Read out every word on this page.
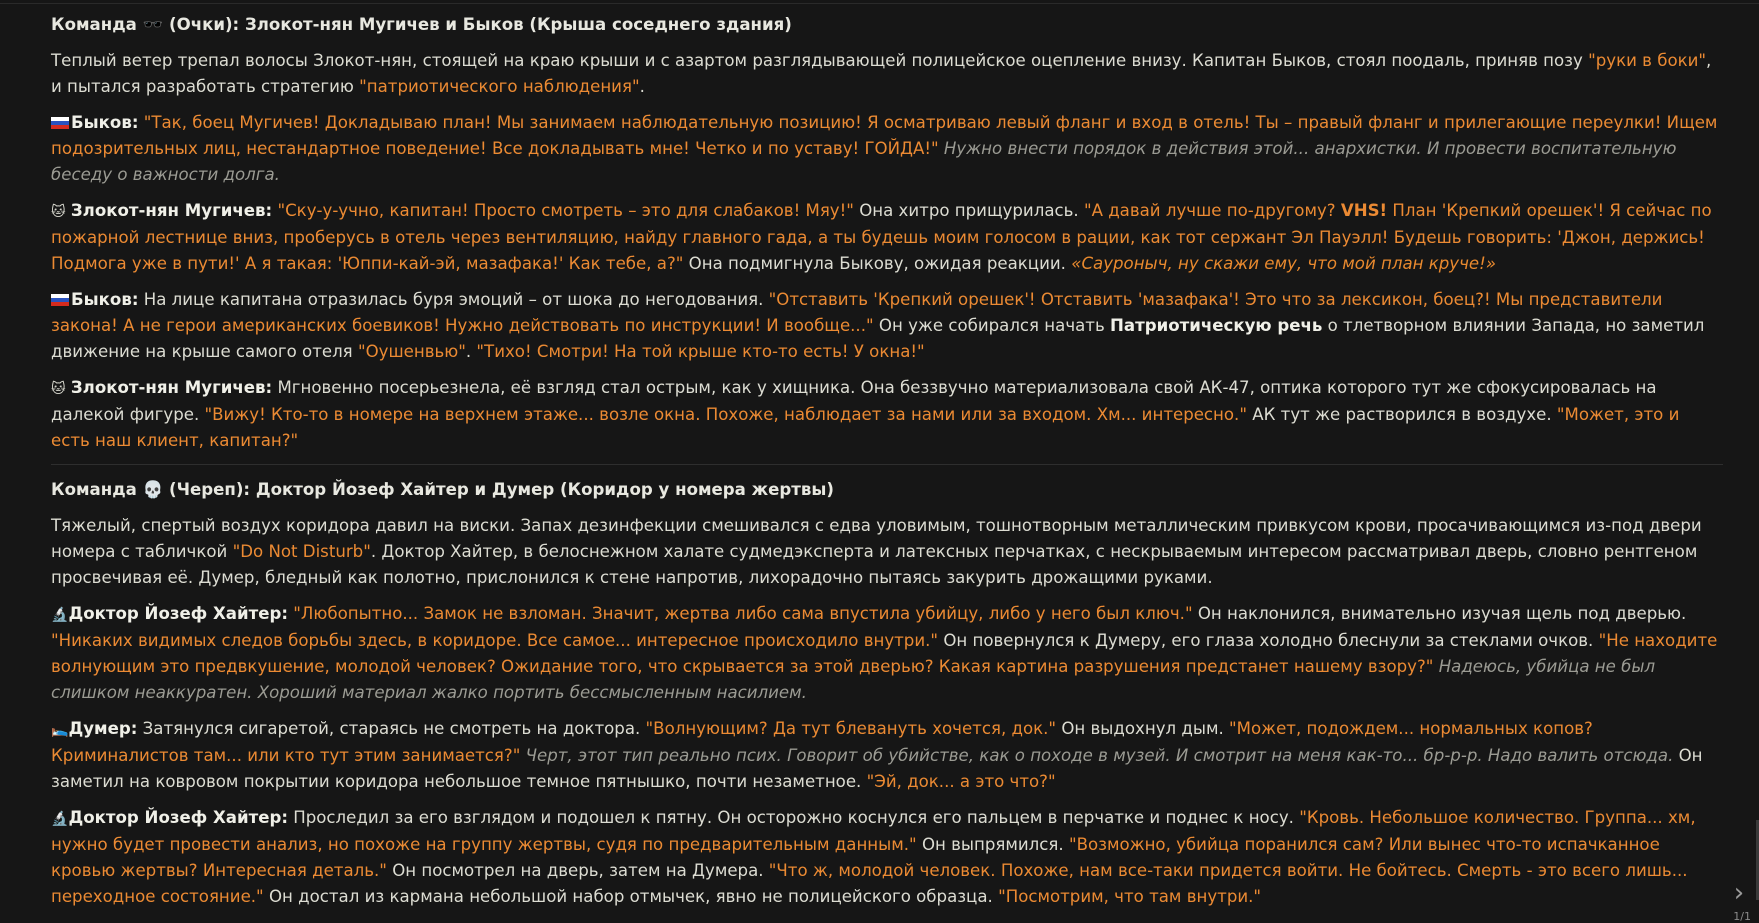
Команда 🕶️ (Очки): Злокот-нян Мугичев и Быков (Крыша соседнего здания)

Теплый ветер трепал волосы Злокот-нян, стоящей на краю крыши и с азартом разглядывающей полицейское оцепление внизу. Капитан Быков, стоял поодаль, приняв позу "руки в боки", и пытался разработать стратегию "патриотического наблюдения".

Быков: "Так, боец Мугичев! Докладываю план! Мы занимаем наблюдательную позицию! Я осматриваю левый фланг и вход в отель! Ты – правый фланг и прилегающие переулки! Ищем подозрительных лиц, нестандартное поведение! Все докладывать мне! Четко и по уставу! ГОЙДА!" Нужно внести порядок в действия этой... анархистки. И провести воспитательную беседу о важности долга.

🐱 Злокот-нян Мугичев: "Ску-у-учно, капитан! Просто смотреть – это для слабаков! Мяу!" Она хитро прищурилась. "А давай лучше по-другому? VHS! План 'Крепкий орешек'! Я сейчас по пожарной лестнице вниз, проберусь в отель через вентиляцию, найду главного гада, а ты будешь моим голосом в рации, как тот сержант Эл Пауэлл! Будешь говорить: 'Джон, держись! Подмога уже в пути!' А я такая: 'Юппи-кай-эй, мазафака!' Как тебе, а?" Она подмигнула Быкову, ожидая реакции. «Сауроныч, ну скажи ему, что мой план круче!»

Быков: На лице капитана отразилась буря эмоций – от шока до негодования. "Отставить 'Крепкий орешек'! Отставить 'мазафака'! Это что за лексикон, боец?! Мы представители закона! А не герои американских боевиков! Нужно действовать по инструкции! И вообще..." Он уже собирался начать Патриотическую речь о тлетворном влиянии Запада, но заметил движение на крыше самого отеля "Оушенвью". "Тихо! Смотри! На той крыше кто-то есть! У окна!"

🐱 Злокот-нян Мугичев: Мгновенно посерьезнела, её взгляд стал острым, как у хищника. Она беззвучно материализовала свой АК-47, оптика которого тут же сфокусировалась на далекой фигуре. "Вижу! Кто-то в номере на верхнем этаже... возле окна. Похоже, наблюдает за нами или за входом. Хм... интересно." АК тут же растворился в воздухе. "Может, это и есть наш клиент, капитан?"

Команда 💀 (Череп): Доктор Йозеф Хайтер и Думер (Коридор у номера жертвы)

Тяжелый, спертый воздух коридора давил на виски. Запах дезинфекции смешивался с едва уловимым, тошнотворным металлическим привкусом крови, просачивающимся из-под двери номера с табличкой "Do Not Disturb". Доктор Хайтер, в белоснежном халате судмедэксперта и латексных перчатках, с нескрываемым интересом рассматривал дверь, словно рентгеном просвечивая её. Думер, бледный как полотно, прислонился к стене напротив, лихорадочно пытаясь закурить дрожащими руками.

🔬Доктор Йозеф Хайтер: "Любопытно... Замок не взломан. Значит, жертва либо сама впустила убийцу, либо у него был ключ." Он наклонился, внимательно изучая щель под дверью. "Никаких видимых следов борьбы здесь, в коридоре. Все самое... интересное происходило внутри." Он повернулся к Думеру, его глаза холодно блеснули за стеклами очков. "Не находите волнующим это предвкушение, молодой человек? Ожидание того, что скрывается за этой дверью? Какая картина разрушения предстанет нашему взору?" Надеюсь, убийца не был слишком неаккуратен. Хороший материал жалко портить бессмысленным насилием.

🛌Думер: Затянулся сигаретой, стараясь не смотреть на доктора. "Волнующим? Да тут блевануть хочется, док." Он выдохнул дым. "Может, подождем... нормальных копов? Криминалистов там... или кто тут этим занимается?" Черт, этот тип реально псих. Говорит об убийстве, как о походе в музей. И смотрит на меня как-то... бр-р-р. Надо валить отсюда. Он заметил на ковровом покрытии коридора небольшое темное пятнышко, почти незаметное. "Эй, док... а это что?"

🔬Доктор Йозеф Хайтер: Проследил за его взглядом и подошел к пятну. Он осторожно коснулся его пальцем в перчатке и поднес к носу. "Кровь. Небольшое количество. Группа... хм, нужно будет провести анализ, но похоже на группу жертвы, судя по предварительным данным." Он выпрямился. "Возможно, убийца поранился сам? Или вынес что-то испачканное кровью жертвы? Интересная деталь." Он посмотрел на дверь, затем на Думера. "Что ж, молодой человек. Похоже, нам все-таки придется войти. Не бойтесь. Смерть - это всего лишь... переходное состояние." Он достал из кармана небольшой набор отмычек, явно не полицейского образца. "Посмотрим, что там внутри."	›
1/1
